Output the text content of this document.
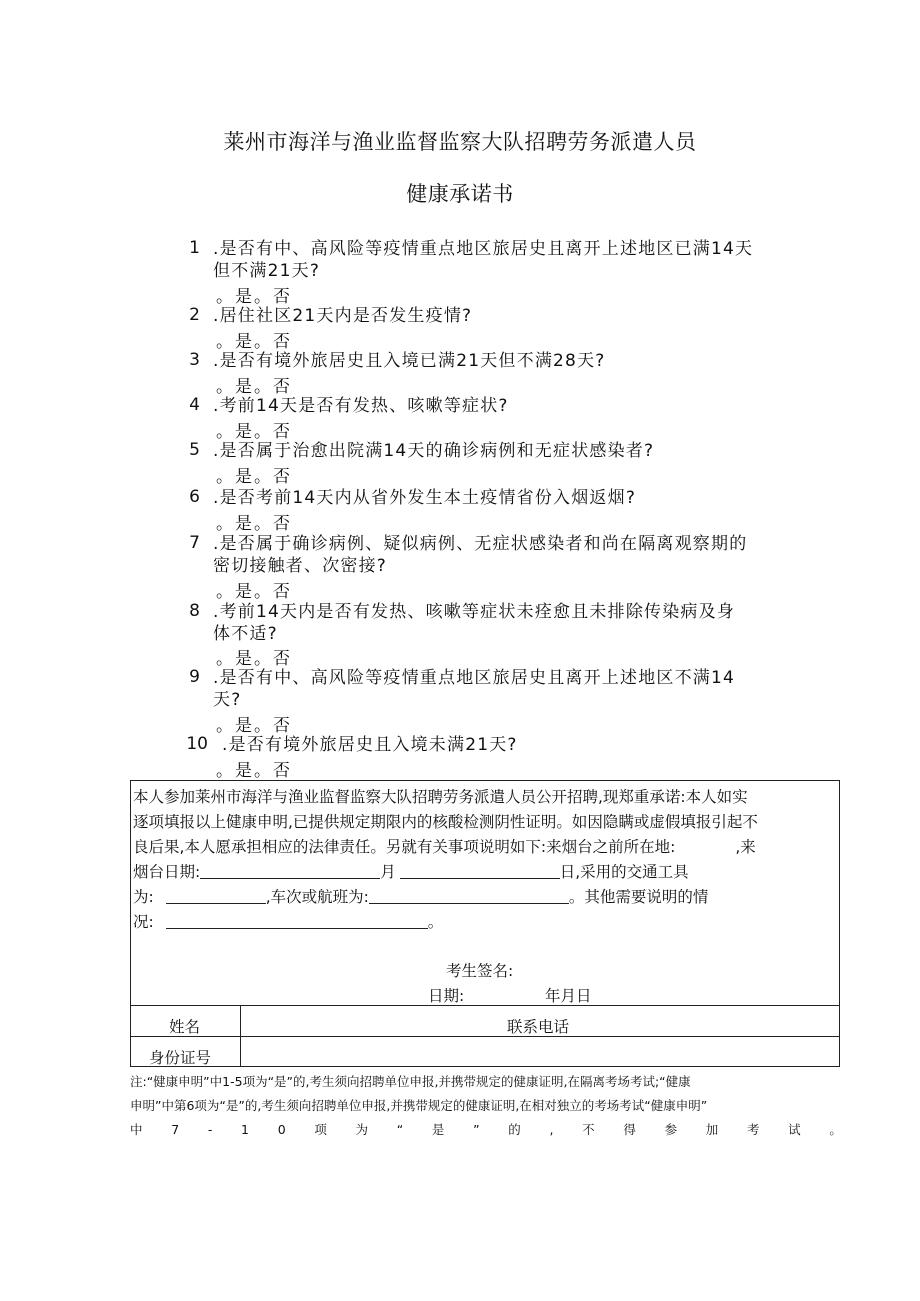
莱州市海洋与渔业监督监察大队招聘劳务派遣人员
健康承诺书
1 .是否有中、高风险等疫情重点地区旅居史且离开上述地区已满14天
但不满21天?
。是。否
2 .居住社区21天内是否发生疫情?
。是。否
3 .是否有境外旅居史且入境已满21天但不满28天?
。是。否
4 .考前14天是否有发热、咳嗽等症状?
。是。否
5 .是否属于治愈出院满14天的确诊病例和无症状感染者?
。是。否
6 .是否考前14天内从省外发生本土疫情省份入烟返烟?
。是。否
7 .是否属于确诊病例、疑似病例、无症状感染者和尚在隔离观察期的
密切接触者、次密接?
。是。否
8 .考前14天内是否有发热、咳嗽等症状未痊愈且未排除传染病及身
体不适?
。是。否
9 .是否有中、高风险等疫情重点地区旅居史且离开上述地区不满14
天?
。是。否
10 .是否有境外旅居史且入境未满21天?
。是。否
本人参加莱州市海洋与渔业监督监察大队招聘劳务派遣人员公开招聘,现郑重承诺:本人如实
逐项填报以上健康申明,已提供规定期限内的核酸检测阴性证明。如因隐瞒或虚假填报引起不
良后果,本人愿承担相应的法律责任。另就有关事项说明如下:来烟台之前所在地:	,来
烟台日期:	月	日,采用的交通工具
为:	,车次或航班为:	。其他需要说明的情
况:	。
考生签名:
日期:	年月日
姓名	联系电话
身份证号
注:“健康申明”中1-5项为“是”的,考生须向招聘单位申报,并携带规定的健康证明,在隔离考场考试;“健康
申明”中第6项为“是”的,考生须向招聘单位申报,并携带规定的健康证明,在相对独立的考场考试“健康申明”
中 7 - 1 0 项 为 “ 是 ” 的 , 不 得 参 加 考 试 。
